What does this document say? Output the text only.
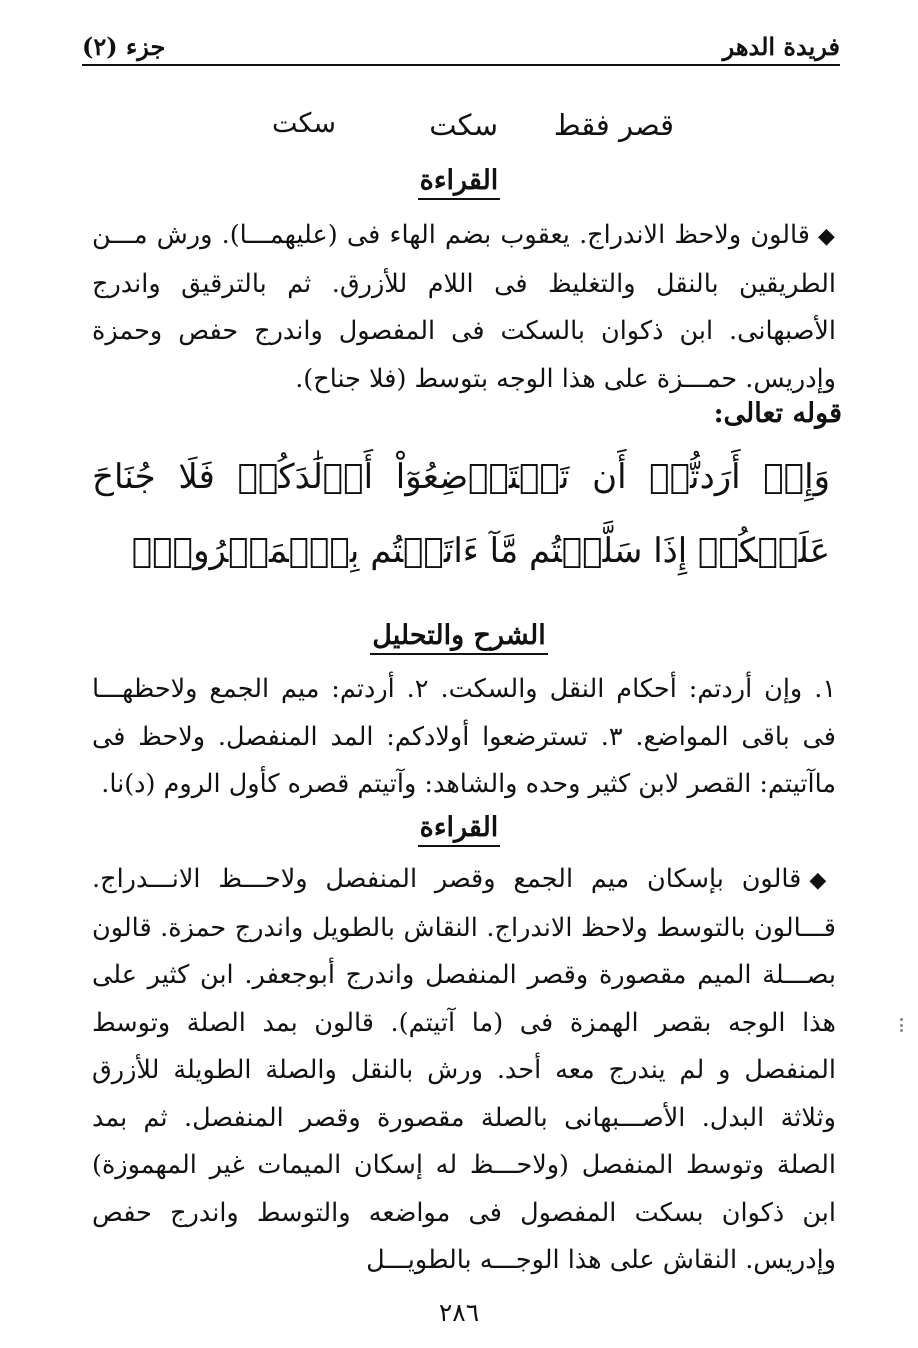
فريدة الدهر
جزء (٢)
سكت	سكت قصر فقط
القراءة
◆قالون ولاحظ الاندراج. يعقوب بضم الهاء فى (عليهمـــا). ورش مـــن الطريقين بالنقل والتغليظ فى اللام للأزرق. ثم بالترقيق واندرج الأصبهانى. ابن ذكوان بالسكت فى المفصول واندرج حفص وحمزة وإدريس. حمـــزة على هذا الوجه بتوسط (فلا جناح).
قوله تعالى:
وَإِنۡ أَرَدتُّمۡ أَن تَسۡتَرۡضِعُوٓاْ أَوۡلَٰدَكُمۡ فَلَا جُنَاحَ عَلَيۡكُمۡ إِذَا سَلَّمۡتُم مَّآ ءَاتَيۡتُم بِٱلۡمَعۡرُوفِۗ
الشرح والتحليل
١. وإن أردتم: أحكام النقل والسكت. ٢. أردتم: ميم الجمع ولاحظهـــا فى باقى المواضع. ٣. تسترضعوا أولادكم: المد المنفصل. ولاحظ فى ماآتيتم: القصر لابن كثير وحده والشاهد: وآتيتم قصره كأول الروم (د)نا.
القراءة
◆قالون بإسكان ميم الجمع وقصر المنفصل ولاحـــظ الانـــدراج. قـــالون بالتوسط ولاحظ الاندراج. النقاش بالطويل واندرج حمزة. قالون بصـــلة الميم مقصورة وقصر المنفصل واندرج أبوجعفر. ابن كثير على هذا الوجه بقصر الهمزة فى (ما آتيتم). قالون بمد الصلة وتوسط المنفصل و لم يندرج معه أحد. ورش بالنقل والصلة الطويلة للأزرق وثلاثة البدل. الأصـــبهانى بالصلة مقصورة وقصر المنفصل. ثم بمد الصلة وتوسط المنفصل (ولاحـــظ له إسكان الميمات غير المهموزة) ابن ذكوان بسكت المفصول فى مواضعه والتوسط واندرج حفص وإدريس. النقاش على هذا الوجـــه بالطويـــل
٢٨٦
